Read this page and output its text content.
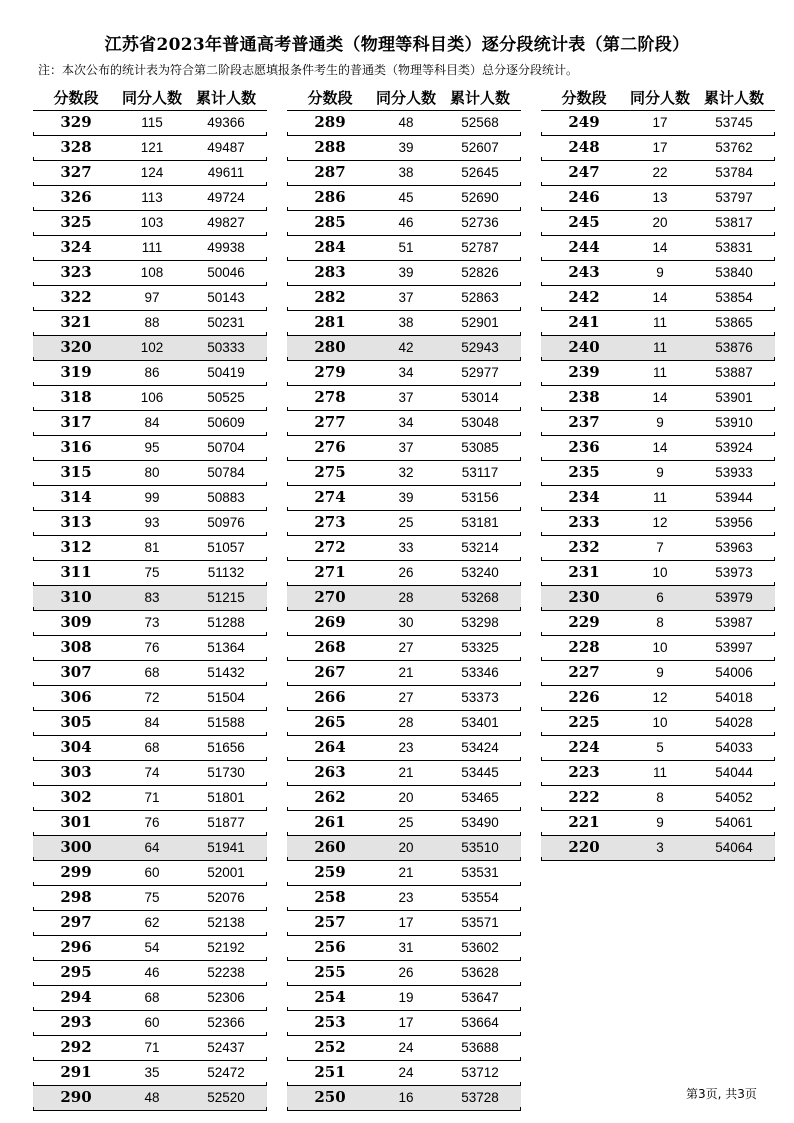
江苏省2023年普通高考普通类（物理等科目类）逐分段统计表（第二阶段）
注：本次公布的统计表为符合第二阶段志愿填报条件考生的普通类（物理等科目类）总分逐分段统计。
分数段	同分人数 累计人数
329	115	49366
328	121	49487
327	124	49611
326	113	49724
325	103	49827
324	111	49938
323	108	50046
322	97	50143
321	88	50231
320	102	50333
319	86	50419
318	106	50525
317	84	50609
316	95	50704
315	80	50784
314	99	50883
313	93	50976
312	81	51057
311	75	51132
310	83	51215
309	73	51288
308	76	51364
307	68	51432
306	72	51504
305	84	51588
304	68	51656
303	74	51730
302	71	51801
301	76	51877
300	64	51941
299	60	52001
298	75	52076
297	62	52138
296	54	52192
295	46	52238
294	68	52306
293	60	52366
292	71	52437
291	35	52472
290	48	52520
分数段	同分人数 累计人数
289	48	52568
288	39	52607
287	38	52645
286	45	52690
285	46	52736
284	51	52787
283	39	52826
282	37	52863
281	38	52901
280	42	52943
279	34	52977
278	37	53014
277	34	53048
276	37	53085
275	32	53117
274	39	53156
273	25	53181
272	33	53214
271	26	53240
270	28	53268
269	30	53298
268	27	53325
267	21	53346
266	27	53373
265	28	53401
264	23	53424
263	21	53445
262	20	53465
261	25	53490
260	20	53510
259	21	53531
258	23	53554
257	17	53571
256	31	53602
255	26	53628
254	19	53647
253	17	53664
252	24	53688
251	24	53712
250	16	53728
分数段	同分人数 累计人数
249	17	53745
248	17	53762
247	22	53784
246	13	53797
245	20	53817
244	14	53831
243	9	53840
242	14	53854
241	11	53865
240	11	53876
239	11	53887
238	14	53901
237	9	53910
236	14	53924
235	9	53933
234	11	53944
233	12	53956
232	7	53963
231	10	53973
230	6	53979
229	8	53987
228	10	53997
227	9	54006
226	12	54018
225	10	54028
224	5	54033
223	11	54044
222	8	54052
221	9	54061
220	3	54064
第3页, 共3页
